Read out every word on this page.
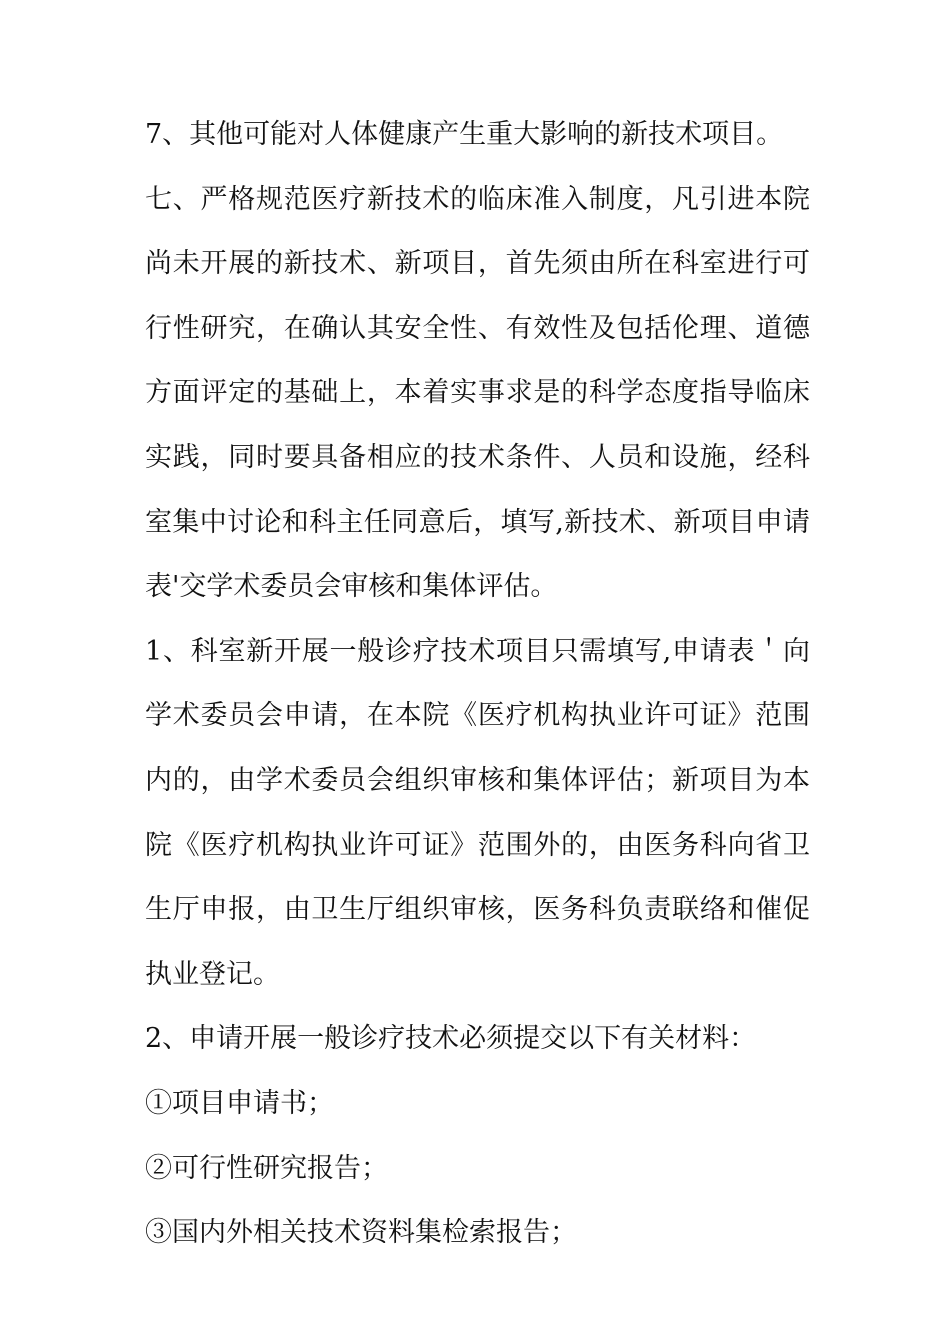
7、其他可能对人体健康产生重大影响的新技术项目。

七、严格规范医疗新技术的临床准入制度，凡引进本院尚未开展的新技术、新项目，首先须由所在科室进行可行性研究，在确认其安全性、有效性及包括伦理、道德方面评定的基础上，本着实事求是的科学态度指导临床实践，同时要具备相应的技术条件、人员和设施，经科室集中讨论和科主任同意后，填写,新技术、新项目申请表'交学术委员会审核和集体评估。

1、科室新开展一般诊疗技术项目只需填写,申请表＇向学术委员会申请，在本院《医疗机构执业许可证》范围内的，由学术委员会组织审核和集体评估；新项目为本院《医疗机构执业许可证》范围外的，由医务科向省卫生厅申报，由卫生厅组织审核，医务科负责联络和催促执业登记。

2、申请开展一般诊疗技术必须提交以下有关材料：

①项目申请书；

②可行性研究报告；

③国内外相关技术资料集检索报告；
